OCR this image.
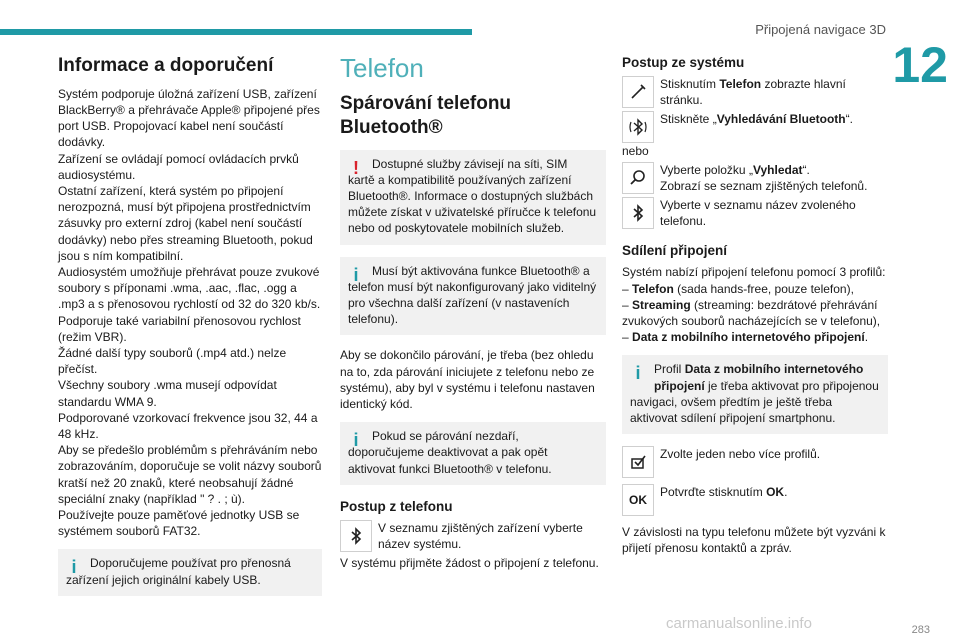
Připojená navigace 3D
12
Informace a doporučení

Systém podporuje úložná zařízení USB, zařízení BlackBerry® a přehrávače Apple® připojené přes port USB. Propojovací kabel není součástí dodávky.

Zařízení se ovládají pomocí ovládacích prvků audiosystému.

Ostatní zařízení, která systém po připojení nerozpozná, musí být připojena prostřednictvím zásuvky pro externí zdroj (kabel není součástí dodávky) nebo přes streaming Bluetooth, pokud jsou s ním kompatibilní.

Audiosystém umožňuje přehrávat pouze zvukové soubory s příponami .wma, .aac, .flac, .ogg a .mp3 a s přenosovou rychlostí od 32 do 320 kb/s.

Podporuje také variabilní přenosovou rychlost (režim VBR).

Žádné další typy souborů (.mp4 atd.) nelze přečíst.

Všechny soubory .wma musejí odpovídat standardu WMA 9.

Podporované vzorkovací frekvence jsou 32, 44 a 48 kHz.

Aby se předešlo problémům s přehráváním nebo zobrazováním, doporučuje se volit názvy souborů kratší než 20 znaků, které neobsahují žádné speciální znaky (například " ? . ; ù).

Používejte pouze paměťové jednotky USB se systémem souborů FAT32.

i	Doporučujeme používat pro přenosná
zařízení jejich originální kabely USB.
Telefon
Spárování telefonu Bluetooth®
!	Dostupné služby závisejí na síti, SIM
kartě a kompatibilitě používaných zařízení Bluetooth®. Informace o dostupných službách můžete získat v uživatelské příručce k telefonu nebo od poskytovatele mobilních služeb.
i	Musí být aktivována funkce Bluetooth® a
telefon musí být nakonfigurovaný jako viditelný pro všechna další zařízení (v nastaveních telefonu).

Aby se dokončilo párování, je třeba (bez ohledu na to, zda párování iniciujete z telefonu nebo ze systému), aby byl v systému i telefonu nastaven identický kód.

i	Pokud se párování nezdaří,
doporučujeme deaktivovat a pak opět aktivovat funkci Bluetooth® v telefonu.
Postup z telefonu
V seznamu zjištěných zařízení vyberte název systému.

V systému přijměte žádost o připojení z telefonu.

Postup ze systému
Stisknutím Telefon zobrazte hlavní stránku.
Stiskněte „Vyhledávání Bluetooth“.

nebo

Vyberte položku „Vyhledat“.
Zobrazí se seznam zjištěných telefonů.
Vyberte v seznamu název zvoleného telefonu.
Sdílení připojení

Systém nabízí připojení telefonu pomocí 3 profilů:

– Telefon (sada hands-free, pouze telefon),

– Streaming (streaming: bezdrátové přehrávání zvukových souborů nacházejících se v telefonu),

– Data z mobilního internetového připojení.

i	Profil Data z mobilního internetového
připojení je třeba aktivovat pro připojenou navigaci, ovšem předtím je ještě třeba aktivovat sdílení připojení smartphonu.
Zvolte jeden nebo více profilů.
OK
Potvrďte stisknutím OK.

V závislosti na typu telefonu můžete být vyzváni k přijetí přenosu kontaktů a zpráv.

carmanualsonline.info	283
